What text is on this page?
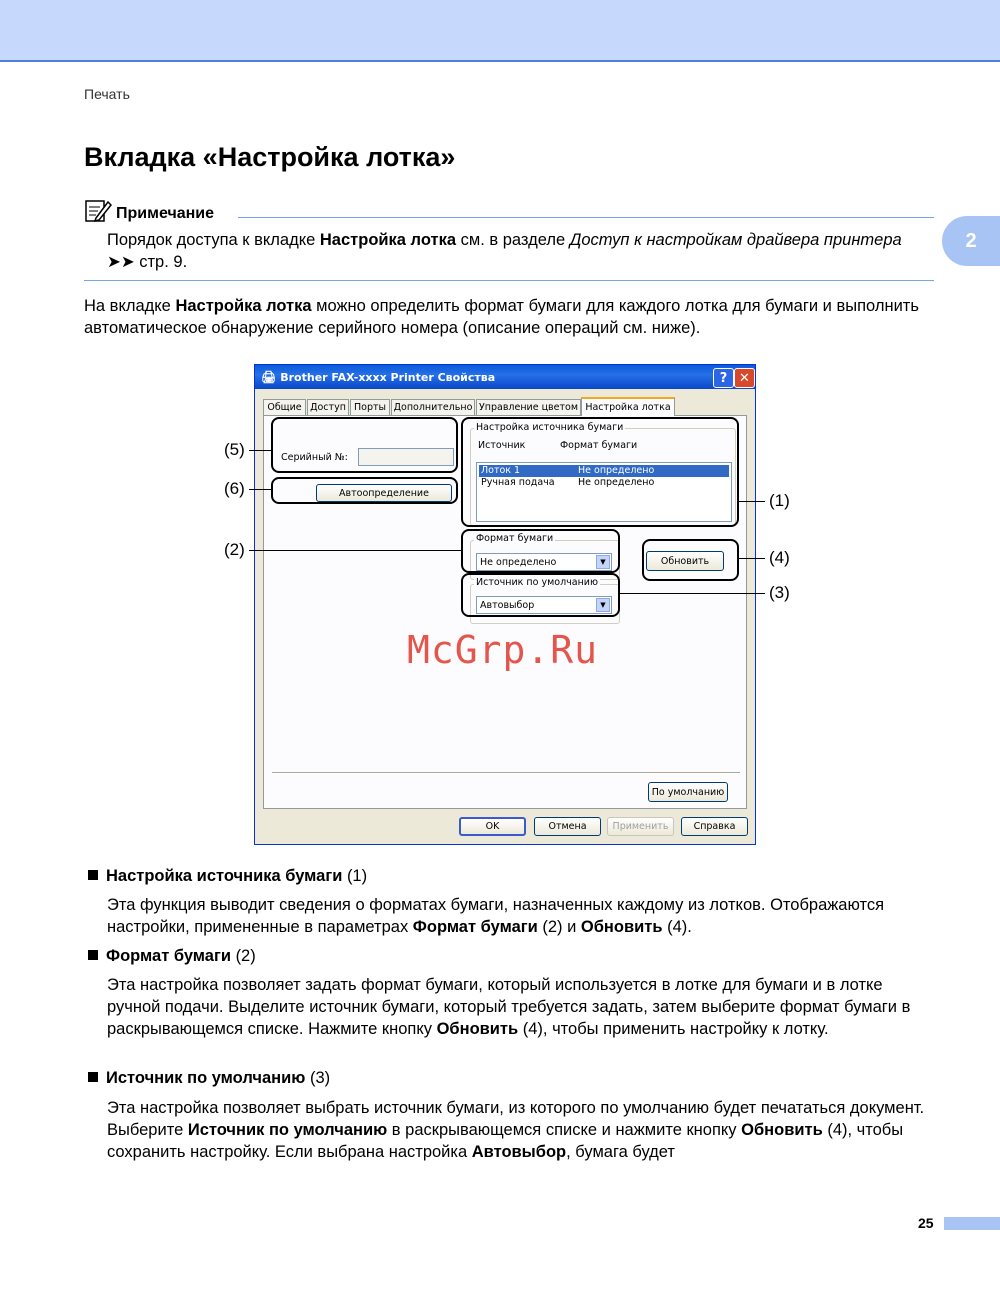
Печать
2
Вкладка «Настройка лотка»
Примечание
Порядок доступа к вкладке Настройка лотка см. в разделе Доступ к настройкам драйвера принтера ➤➤ стр. 9.
На вкладке Настройка лотка можно определить формат бумаги для каждого лотка для бумаги и выполнить автоматическое обнаружение серийного номера (описание операций см. ниже).
🖨 Brother FAX-xxxx Printer Свойства	? ✕
Общие Доступ Порты Дополнительно Управление цветом Настройка лотка
Серийный №:
Автоопределение
Настройка источника бумаги
Источник	Формат бумаги
Лоток 1	Не определено
Ручная подача Не определено
Формат бумаги
Не определено	▼	Обновить
Источник по умолчанию
Автовыбор	▼
По умолчанию
OK	Отмена	Применить	Справка
(5)
(6)
(2)
(1)
(4)
(3)
McGrp.Ru
Настройка источника бумаги (1)
Эта функция выводит сведения о форматах бумаги, назначенных каждому из лотков. Отображаются настройки, примененные в параметрах Формат бумаги (2) и Обновить (4).
Формат бумаги (2)
Эта настройка позволяет задать формат бумаги, который используется в лотке для бумаги и в лотке ручной подачи. Выделите источник бумаги, который требуется задать, затем выберите формат бумаги в раскрывающемся списке. Нажмите кнопку Обновить (4), чтобы применить настройку к лотку.
Источник по умолчанию (3)
Эта настройка позволяет выбрать источник бумаги, из которого по умолчанию будет печататься документ. Выберите Источник по умолчанию в раскрывающемся списке и нажмите кнопку Обновить (4), чтобы сохранить настройку. Если выбрана настройка Автовыбор, бумага будет
25
